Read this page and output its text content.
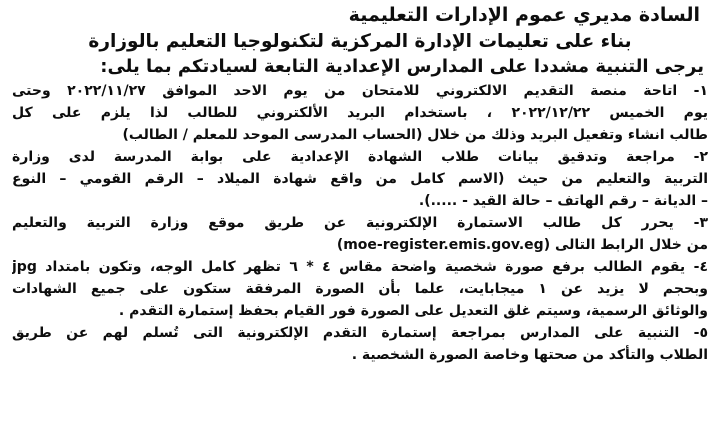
السادة مديري عموم الإدارات التعليمية
بناء على تعليمات الإدارة المركزية لتكنولوجيا التعليم بالوزارة
يرجى التنبية مشددا على المدارس الإعدادية التابعة لسيادتكم بما يلى:
١- اتاحة منصة التقديم الالكتروني للامتحان من يوم الاحد الموافق ٢٠٢٢/١١/٢٧ وحتى
يوم الخميس ٢٠٢٢/١٢/٢٢ ، باستخدام البريد الألكتروني للطالب لذا يلزم على كل
طالب انشاء وتفعيل البريد وذلك من خلال (الحساب المدرسى الموحد للمعلم / الطالب)
٢- مراجعة وتدقيق بيانات طلاب الشهادة الإعدادية على بوابة المدرسة لدى وزارة
التربية والتعليم من حيث (الاسم كامل من واقع شهادة الميلاد – الرقم القومي – النوع
– الديانة – رقم الهاتف – حالة القيد - .....).
٣- يحرر كل طالب الاستمارة الإلكترونية عن طريق موقع وزارة التربية والتعليم
من خلال الرابط التالى (moe-register.emis.gov.eg)
٤- يقوم الطالب برفع صورة شخصية واضحة مقاس ٤ * ٦ تظهر كامل الوجه، وتكون بامتداد jpg
وبحجم لا يزيد عن ١ ميجابايت، علما بأن الصورة المرفقة ستكون على جميع الشهادات
والوثائق الرسمية، وسيتم غلق التعديل على الصورة فور القيام بحفظ إستمارة التقدم .
٥- التنبية على المدارس بمراجعة إستمارة التقدم الإلكترونية التى تُسلم لهم عن طريق
الطلاب والتأكد من صحتها وخاصة الصورة الشخصية .
